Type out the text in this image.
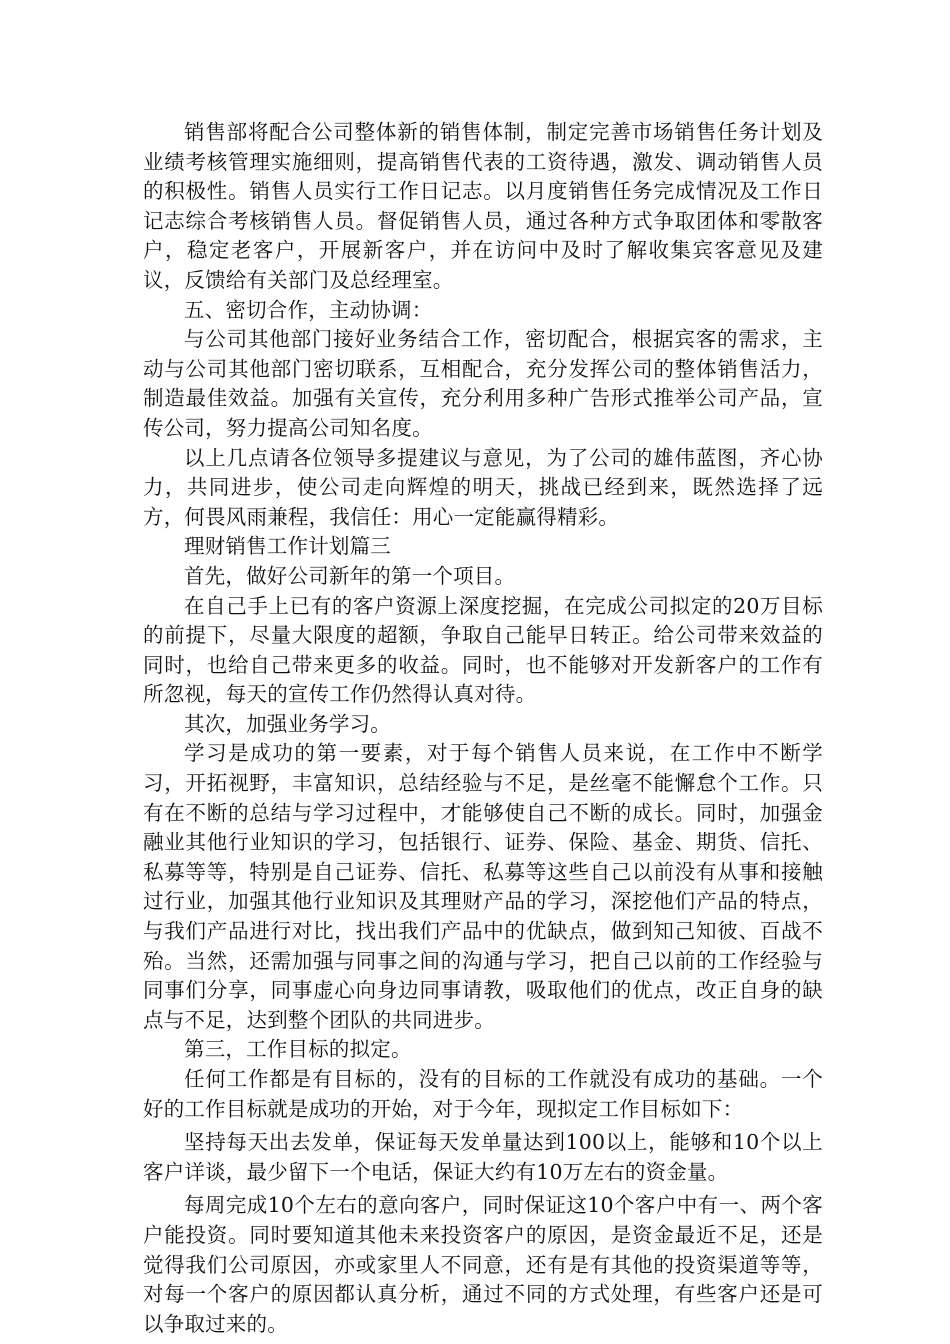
销售部将配合公司整体新的销售体制，制定完善市场销售任务计划及业绩考核管理实施细则，提高销售代表的工资待遇，激发、调动销售人员的积极性。销售人员实行工作日记志。以月度销售任务完成情况及工作日记志综合考核销售人员。督促销售人员，通过各种方式争取团体和零散客户，稳定老客户，开展新客户，并在访问中及时了解收集宾客意见及建议，反馈给有关部门及总经理室。

五、密切合作，主动协调：

与公司其他部门接好业务结合工作，密切配合，根据宾客的需求，主动与公司其他部门密切联系，互相配合，充分发挥公司的整体销售活力，制造最佳效益。加强有关宣传，充分利用多种广告形式推举公司产品，宣传公司，努力提高公司知名度。

以上几点请各位领导多提建议与意见，为了公司的雄伟蓝图，齐心协力，共同进步，使公司走向辉煌的明天，挑战已经到来，既然选择了远方，何畏风雨兼程，我信任：用心一定能赢得精彩。

理财销售工作计划篇三

首先，做好公司新年的第一个项目。

在自己手上已有的客户资源上深度挖掘，在完成公司拟定的20万目标的前提下，尽量大限度的超额，争取自己能早日转正。给公司带来效益的同时，也给自己带来更多的收益。同时，也不能够对开发新客户的工作有所忽视，每天的宣传工作仍然得认真对待。

其次，加强业务学习。

学习是成功的第一要素，对于每个销售人员来说，在工作中不断学习，开拓视野，丰富知识，总结经验与不足，是丝毫不能懈怠个工作。只有在不断的总结与学习过程中，才能够使自己不断的成长。同时，加强金融业其他行业知识的学习，包括银行、证券、保险、基金、期货、信托、私募等等，特别是自己证券、信托、私募等这些自己以前没有从事和接触过行业，加强其他行业知识及其理财产品的学习，深挖他们产品的特点，与我们产品进行对比，找出我们产品中的优缺点，做到知己知彼、百战不殆。当然，还需加强与同事之间的沟通与学习，把自己以前的工作经验与同事们分享，同事虚心向身边同事请教，吸取他们的优点，改正自身的缺点与不足，达到整个团队的共同进步。

第三，工作目标的拟定。

任何工作都是有目标的，没有的目标的工作就没有成功的基础。一个好的工作目标就是成功的开始，对于今年，现拟定工作目标如下：

坚持每天出去发单，保证每天发单量达到100以上，能够和10个以上客户详谈，最少留下一个电话，保证大约有10万左右的资金量。

每周完成10个左右的意向客户，同时保证这10个客户中有一、两个客户能投资。同时要知道其他未来投资客户的原因，是资金最近不足，还是觉得我们公司原因，亦或家里人不同意，还有是有其他的投资渠道等等，对每一个客户的原因都认真分析，通过不同的方式处理，有些客户还是可以争取过来的。
